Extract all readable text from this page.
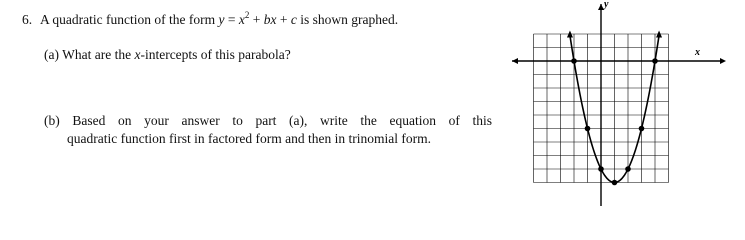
6. A quadratic function of the form $y = x^2$ + bx + c is shown graphed.
(a) What are the x-intercepts of this parabola?
(b) Based on your answer to part (a), write the equation of this
quadratic function first in factored form and then in trinomial form.
x
y
